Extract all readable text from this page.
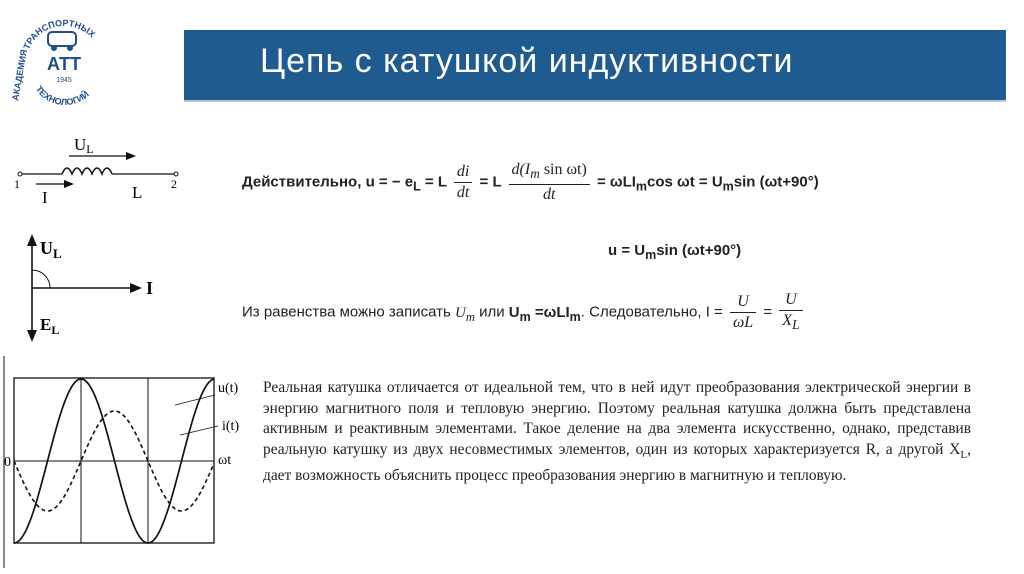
ТРАНСПОРТНЫХ
ТЕХНОЛОГИЙ
АКАДЕМИЯ АТТ
1945
Цепь с катушкой индуктивности
UL
1	2
I	L
$U_L$
I
$E_L$
Действительно, u = − $e_L = L \frac{di}{dt} = L \frac{d(I_m \sin \omega t)}{dt} = \omega LI_m\cos$ $\omega t = U_m\sin$ (ωt+90°)
$u = U_m\sin$ (ωt+90°)
Из равенства можно записать $U_m$ или $U_m =\omega LI_m$. Следовательно, $I = \frac{U}{\omega L} = \frac{U}{X_L}$
0
u(t)
i(t)
ωt
Реальная катушка отличается от идеальной тем, что в ней идут преобразования электрической энергии в энергию магнитного поля и тепловую энергию. Поэтому реальная катушка должна быть представлена активным и реактивным элементами. Такое деление на два элемента искусственно, однако, представив реальную катушку из двух несовместимых элементов, один из которых характеризуется R, а другой $X_L$, дает возможность объяснить процесс преобразования энергию в магнитную и тепловую.
